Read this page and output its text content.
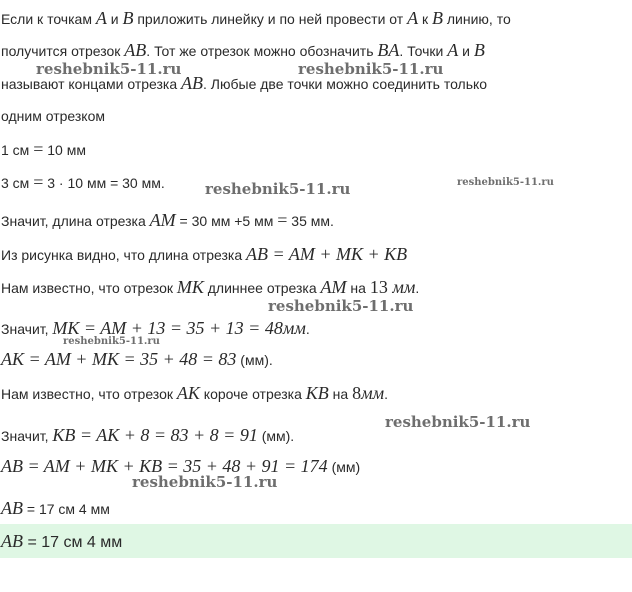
Если к точкам A и B приложить линейку и по ней провести от A к B линию, то
получится отрезок AB. Тот же отрезок можно обозначить BA. Точки A и B
называют концами отрезка AB. Любые две точки можно соединить только
одним отрезком
1 см = 10 мм
3 см = 3 · 10 мм = 30 мм.
Значит, длина отрезка AM = 30 мм +5 мм = 35 мм.
Из рисунка видно, что длина отрезка AB = AM + MK + KB
Нам известно, что отрезок MK длиннее отрезка AM на 13 мм.
Значит, MK = AM + 13 = 35 + 13 = 48мм.
AK = AM + MK = 35 + 48 = 83 (мм).
Нам известно, что отрезок AK короче отрезка KB на 8мм.
Значит, KB = AK + 8 = 83 + 8 = 91 (мм).
AB = AM + MK + KB = 35 + 48 + 91 = 174 (мм)
AB = 17 см 4 мм
AB = 17 см 4 мм
reshebnik5-11.ru	reshebnik5-11.ru
reshebnik5-11.ru	reshebnik5-11.ru
reshebnik5-11.ru
reshebnik5-11.ru
reshebnik5-11.ru
reshebnik5-11.ru
